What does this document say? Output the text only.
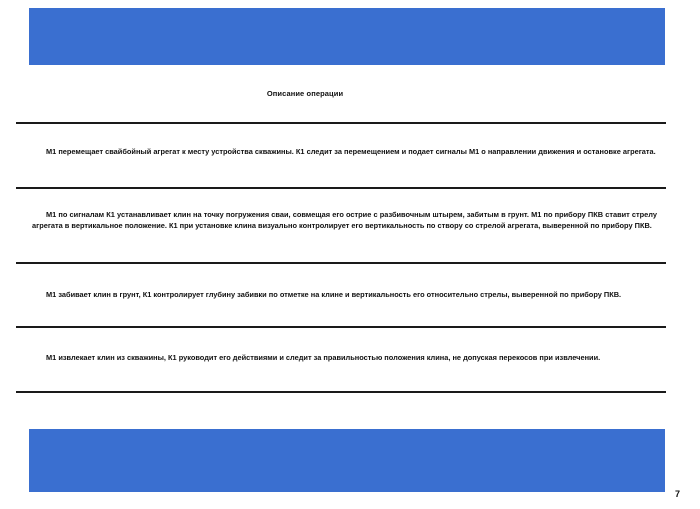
Описание операции
М1 перемещает свайбойный агрегат к месту устройства скважины. К1 следит за перемещением и подает сигналы М1 о направлении движения и остановке агрегата.
М1 по сигналам К1 устанавливает клин на точку погружения сваи, совмещая его острие с разбивочным штырем, забитым в грунт. М1 по прибору ПКВ ставит стрелу агрегата в вертикальное положение. К1 при установке клина визуально контролирует его вертикальность по створу со стрелой агрегата, выверенной по прибору ПКВ.
М1 забивает клин в грунт, К1 контролирует глубину забивки по отметке на клине и вертикальность его относительно стрелы, выверенной по прибору ПКВ.
М1 извлекает клин из скважины, К1 руководит его действиями и следит за правильностью положения клина, не допуская перекосов при извлечении.
7
